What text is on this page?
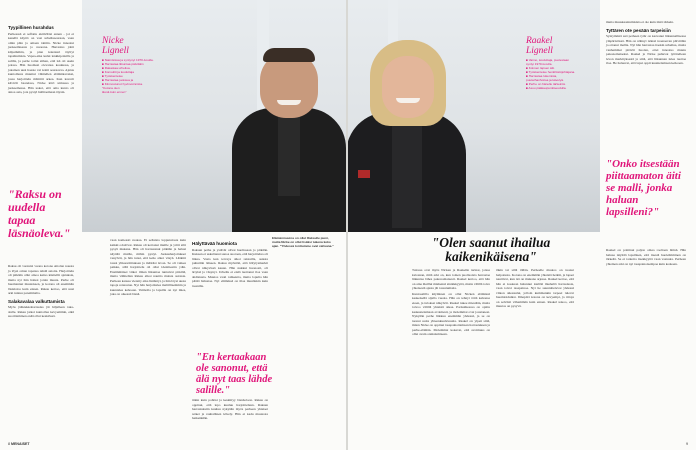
Tyypillinen hurahdus

Perheessä ei seflattu aktiiviläsi ennen - joi ei kenellä käyttö on vast urheiluseuraan, vaan omin päin ja omaan tahtiin. Nicke innostui juoksemisesta jo nuorena. Harrastus johti kilpailuihin, ja pian kalenteri täyttyi tapahtumista. Vapaa-aika kului lenkkipoluilla ja salilla, ja perhe tottui siihen, että isä oli usein poissa. Hän huomasi olevansa koukussa, ja jokainen uusi haaste vei kohti seuraavaa. Ajatus kuntoilusta muuttui vähitellen elämäntavaksi, jossa harjoittelu määritti arkea. Kun kaverit kävivät baareissa, Nicke kävi uimassa ja juoksemassa. Hän uskoi, että oma kunto oli ainoa asia, jota pystyi hallitsemaan täysin.

"Raksu on uudella tapaa läsnäoleva."

Raksu oli vuotuisi vuona kotona Aitolan nousta ja löysi oman tapansa tehdä asioita. Harjoittelu oli pitkään ollut ainoa keino käsitellä ajatuksia, mutta nyt hän halusi jotain muuta. Perhe oli huomannut muutoksen, ja kotona oli enemmän läsnäoloa kuin ennen. Raksu kertoo, että uusi arki tuntuu paremmalta.

Salakavalaa valkuttamista

Myös jääkiekkoharrastus jäi hiljalleen taka-alalle. Raksu jatkoi kuntoilua kevyemmin, eikä suorittaminen enää ollut keskiössä.

Nicke
Lignell
■ Naimisissa ja syntynyt 1970-luvulla.
■ Harrastaa liikuntaa päivittäin
■ Rakastaa urheilua,
■ Konsultti ja kouluttaja
■ Työskentelee
■ Harrastaa juoksua ja
■ Kiinnostunut hyvinvoinnista.
"Kotona olen
läsnä kuin ennen"

vaan komeasti ruokaa. Ei sellaista lopputulosta kuin kaikki odottivat. Raksu oli kertonut muille ja yritti silti pysyä mukana. Hän oli harrastanut pitkään ja halusi näyttää muille, mihin pystyi. Juoksuharjoitukset venyivät, ja hän tunsi, että keho alkoi väsyä. Lääkäri totesi ylikuormituksen ja määräsi levon. Se oli vaikea paikka, sillä harjoittelu oli ollut identiteetin ydin. Ensimmäiset viikot ilman liikuntaa tuntuivat pitkiltä, mutta vähitellen Raksu alkoi nauttia muista asioista. Perheen kanssa vietetty aika lisääntyi, ja hän löysi uusia tapoja rentoutua. Nyt hän harjoittelee maltillisemmin ja kuuntelee kehoaan. Vaimolla ja lapsilla on nyt mies, joka on oikeasti läsnä.

Hälyttävää huomiota

Raksun perhe ja ystävät olivat huolissaan jo pitkään. Kukaan ei uskaltanut sanoa suoraan, että harjoittelua oli liikaa. Vasta kun terveys alkoi reistailla, asiasta puhuttiin ääneen. Raksu myöntää, että hälytysmerkit olivat näkyvissä kauan. Hän nukkui huonosti, oli ärtyisä ja väsynyt. Urheilu ei enää tuottanut iloa vaan ahdistusta. Muutos vaati rohkeutta, mutta lopulta hän päätti hidastaa. Nyt elämässä on tilaa muullekin kuin treenille.

"En kertaakaan ole sanonut, että älä nyt taas lähde salille."

tiikin kuin pohtisi ja keskittyy läsnäoloon. Raksu on oppinut, että lepo kuuluu harjoitteluun. Raksun harrastuksiin kuuluu nykyään myös perheen yhteiset retket ja rauhallinen kävely. Hän ei kadu muutosta hetkeäkään.

Elämänmuutos on ollut Raksulle pieni, mutta Nicke on ollut lisäksi tukena koko ajan. "Yhdessä tonttumme ovat vahvana."
8 MENAISET
Raakel
Lignell
■ Vaimo, kouluttaja, puolestaan
syntyi 1970-luvulla.
■ Kolmen lapsen äiti.
■ Työskentelee henkilöstöjohtajana.
■ Harrastaa lukemista,
puutarhanhoitoa ja kävelyä.
■ Perhe on hänelle tärkeintä.
■ Asuu pääkaupunkiseudulla.
"Olen saanut ihailua kaikenikäisena"

Tulossa ovat myös Nicken ja Raakelin tarinat, joissa kuvataan, mitä arki on, kun toinen puolisoista harrastaa liikuntaa lähes pakonomaisesti. Raakel kertoo, että hän on aina ihaillut miehensä sinnikkyyttä, mutta välillä toive yhteisestä ajasta jäi toteutumatta.

Kuntosalilla käyminen on ollut Nicken elämässä keskeisellä sijalla vuosia. Hän on tehnyt töitä kehonsa eteen, ja tulokset näkyivät. Raakel tukee miestään, mutta toivoo välillä yhteistä aikaa. Parisuhteessa on opittu keskustelemaan avoimesti, ja molemmat ovat joustaneet. Nykyään perhe liikkuu enemmän yhdessä, ja se on tuonut uutta yhteenkuuluvuutta. Raakel on ylpeä siitä, miten Nicke on oppinut tasapainottamaan harrastuksen ja perhe-elämän. Molemmat kokevat, että avoimuus on ollut avain onnistumiseen.

täkin tai sillä tällän. Perheelle muutos on tuonut helpotusta. Kotona on enemmän yhteisiä hetkiä, ja lapset nauttivat, kun isä on mukana arjessa. Raakel kertoo, että hän ei koskaan halunnut kieltää mieheltä harrastusta, vaan toivoi tasapainoa. Nyt he suunnittelevat yhdessä viikon aikataulut, jolloin kummankin tarpeet tulevat huomioiduiksi. Ilmapiiri kotona on kevyempi, ja riitoja on selvästi vähemmän kuin ennen. Raakel uskoo, että muutos on pysyvä.

mutta muuskaantumisista ei ole kuin tästä tärkein.

Tyttären ote pesään tarpeisiin

Syntymästä asti perheen tytär on kasvanut liikunnallisessa ympäristössä. Hän on nähnyt isänsä treenaavan päivittäin ja ottanut mallia. Nyt hän harrastaa itsekin urheilua, mutta vanhemmat pitävät huolen, ettei innostus muutu pakonomaiseksi. Raakel ja Nicke puhuvat tyttärelleen levon merkityksestä ja siitä, että liikunnan tulee tuottaa iloa. He haluavat, että lapsi oppii kuuntelemaan kehoaan.

"Onko itsestään piittaamaton äiti se malli, jonka haluan lapsilleni?"

Raakel on pohtinut paljon omaa rooliaan äitinä. Hän haluaa näyttää lapsilleen, että itsestä huolehtiminen on tärkeää. Se ei tarkoita itsekkyyttä vaan vastuuta. Perheen yhteinen arki on nyt tasapainoisempaa kuin koskaan.

9
